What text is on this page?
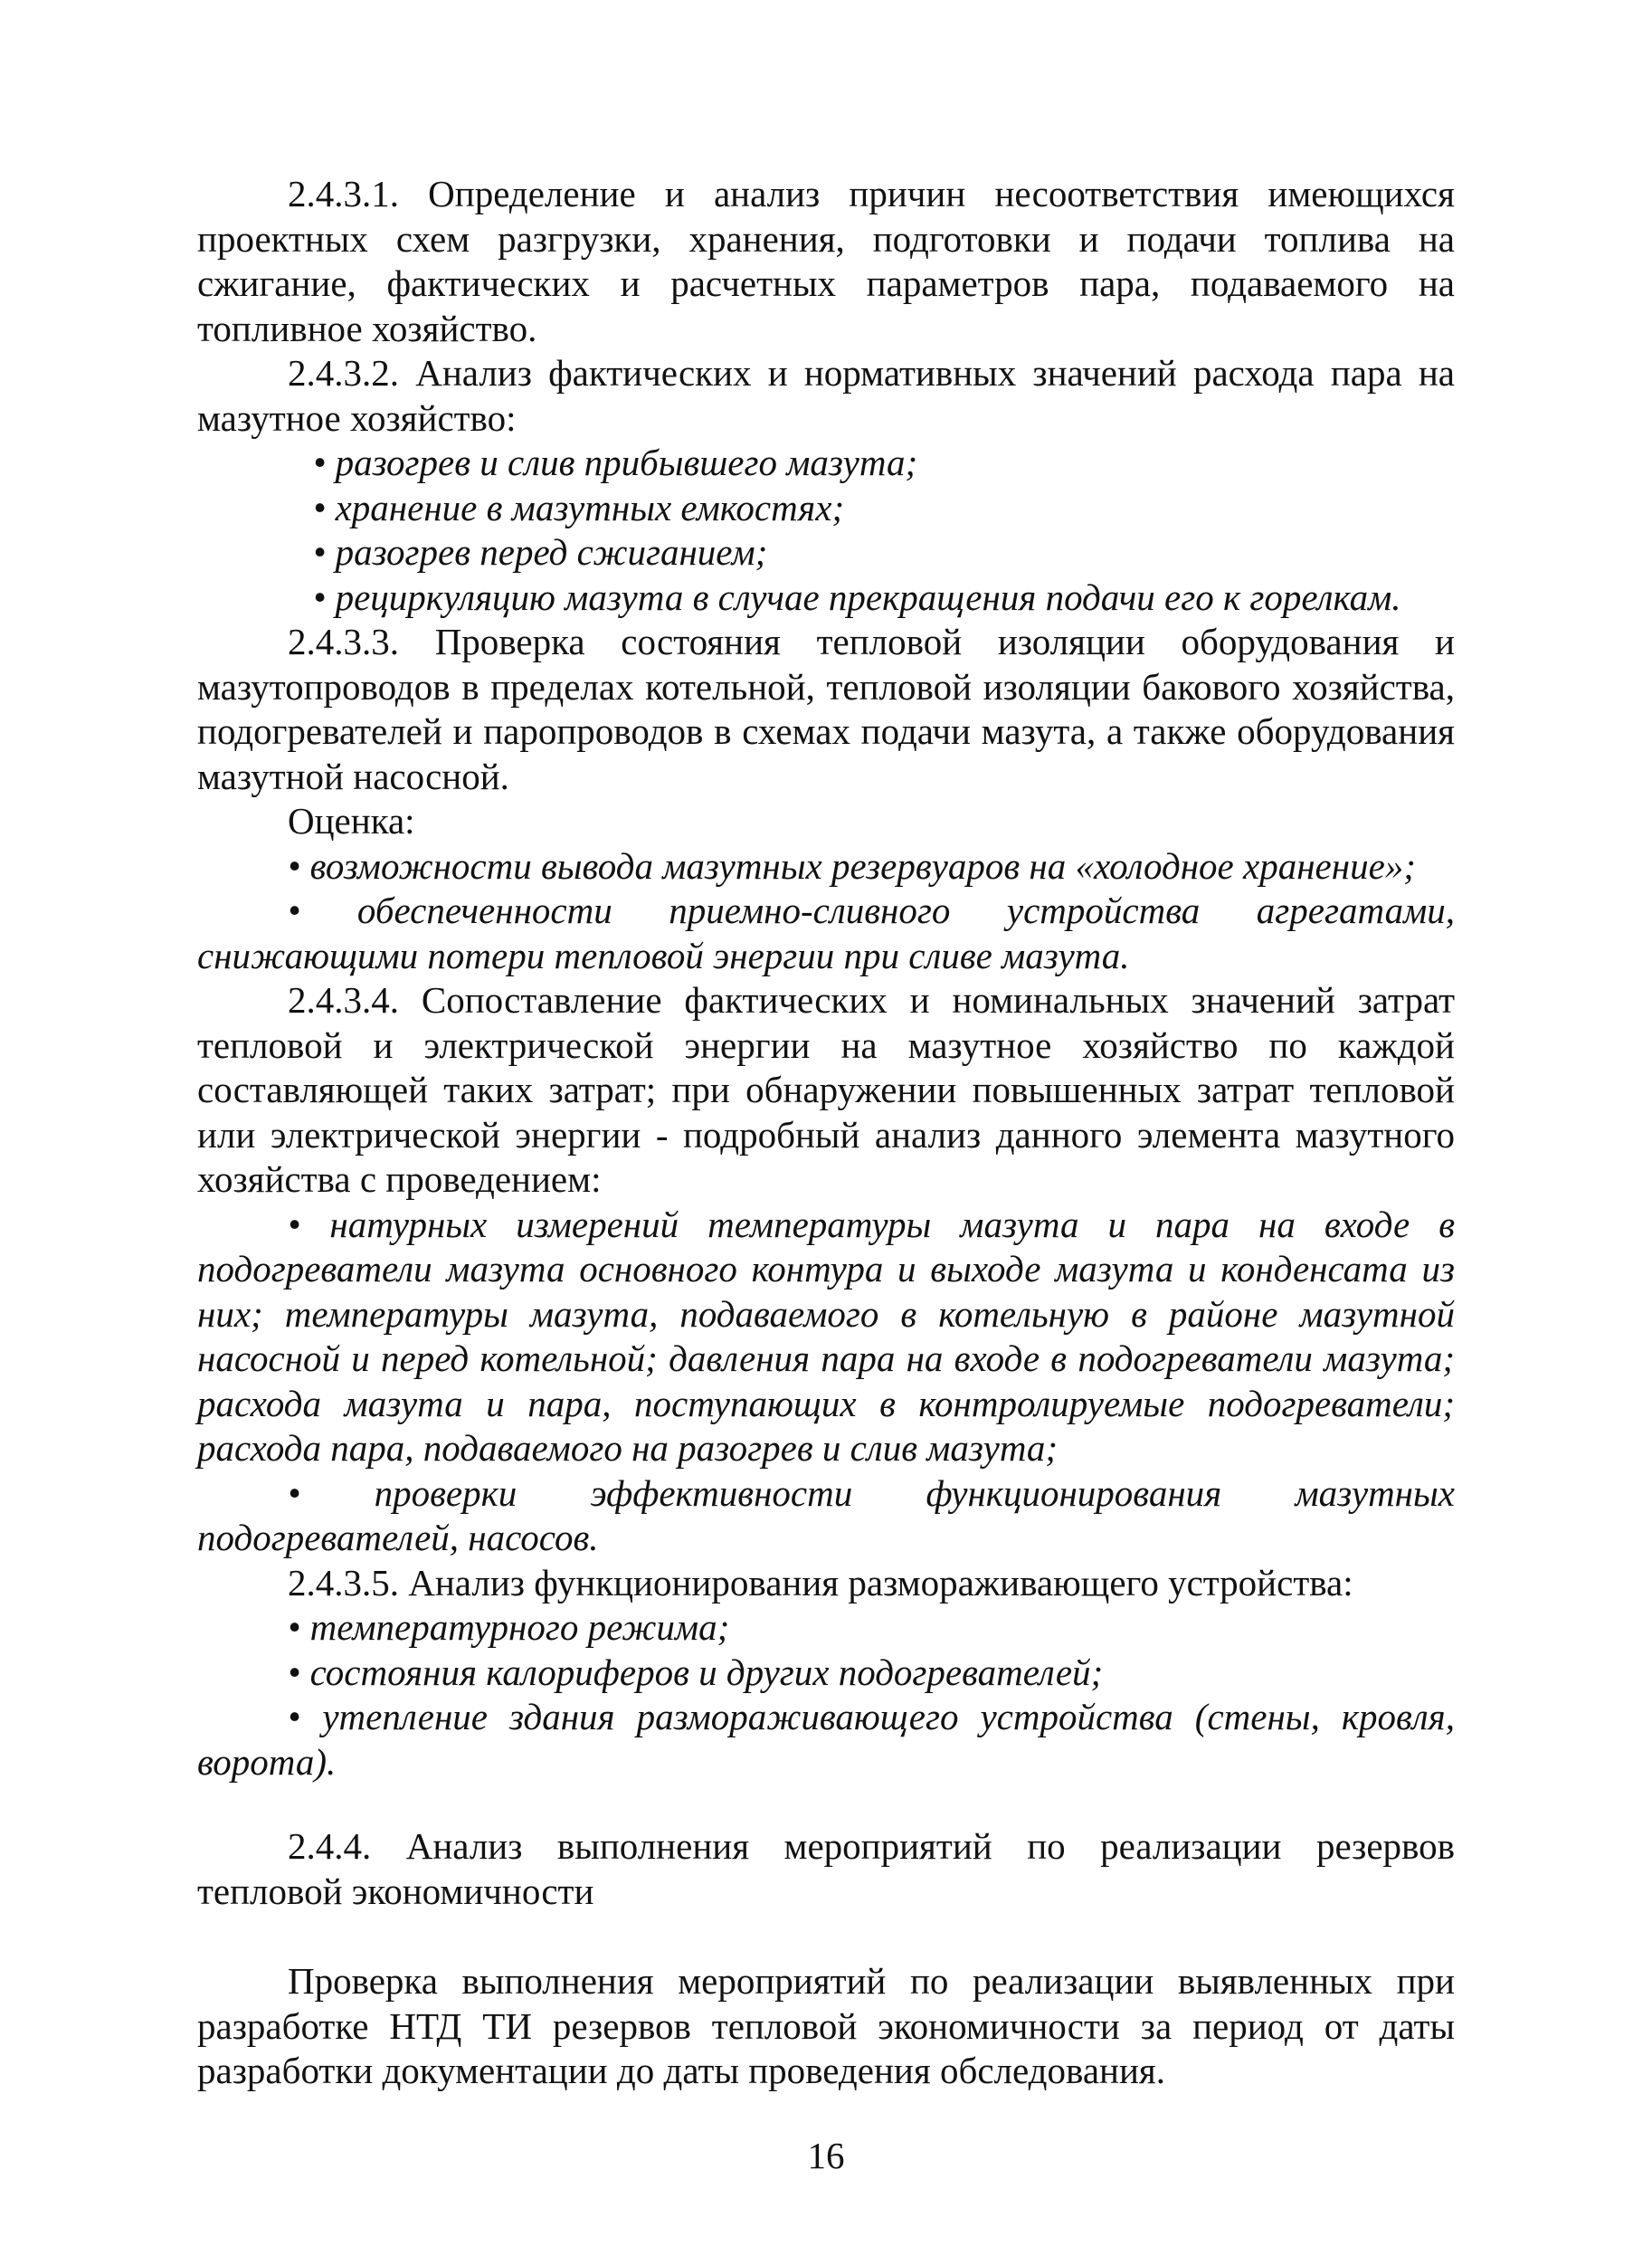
2.4.3.1. Определение и анализ причин несоответствия имеющихся проектных схем разгрузки, хранения, подготовки и подачи топлива на сжигание, фактических и расчетных параметров пара, подаваемого на топливное хозяйство.

2.4.3.2. Анализ фактических и нормативных значений расхода пара на мазутное хозяйство:

• разогрев и слив прибывшего мазута;

• хранение в мазутных емкостях;

• разогрев перед сжиганием;

• рециркуляцию мазута в случае прекращения подачи его к горелкам.

2.4.3.3. Проверка состояния тепловой изоляции оборудования и мазутопроводов в пределах котельной, тепловой изоляции бакового хозяйства, подогревателей и паропроводов в схемах подачи мазута, а также оборудования мазутной насосной.

Оценка:

• возможности вывода мазутных резервуаров на «холодное хранение»;

• обеспеченности приемно-сливного устройства агрегатами, снижающими потери тепловой энергии при сливе мазута.

2.4.3.4. Сопоставление фактических и номинальных значений затрат тепловой и электрической энергии на мазутное хозяйство по каждой составляющей таких затрат; при обнаружении повышенных затрат тепловой или электрической энергии - подробный анализ данного элемента мазутного хозяйства с проведением:

• натурных измерений температуры мазута и пара на входе в подогреватели мазута основного контура и выходе мазута и конденсата из них; температуры мазута, подаваемого в котельную в районе мазутной насосной и перед котельной; давления пара на входе в подогреватели мазута; расхода мазута и пара, поступающих в контролируемые подогреватели; расхода пара, подаваемого на разогрев и слив мазута;

• проверки эффективности функционирования мазутных подогревателей, насосов.

2.4.3.5. Анализ функционирования размораживающего устройства:

• температурного режима;

• состояния калориферов и других подогревателей;

• утепление здания размораживающего устройства (стены, кровля, ворота).

2.4.4. Анализ выполнения мероприятий по реализации резервов тепловой экономичности

Проверка выполнения мероприятий по реализации выявленных при разработке НТД ТИ резервов тепловой экономичности за период от даты разработки документации до даты проведения обследования.

16
